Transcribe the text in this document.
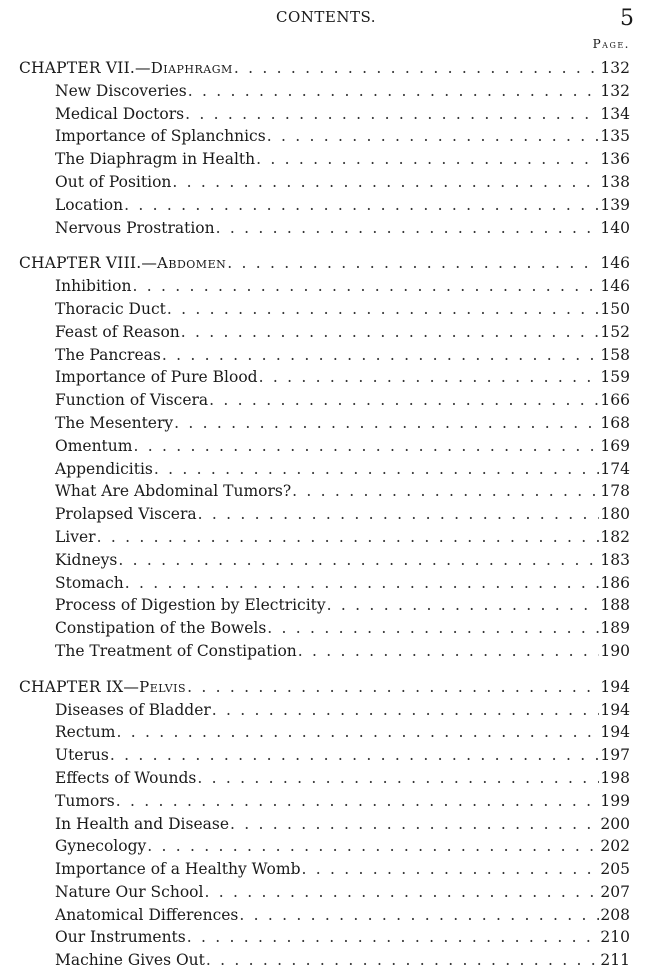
CONTENTS.	5
Page.
CHAPTER VII.— Diaphragm . . .	132
New Discoveries . . .	132
Medical Doctors . . .	134
Importance of Splanchnics . . .	135
The Diaphragm in Health . . .	136
Out of Position . . .	138
Location . . .	139
Nervous Prostration . . .	140
CHAPTER VIII.— Abdomen . . .	146
Inhibition . . .	146
Thoracic Duct . . .	150
Feast of Reason . . .	152
The Pancreas . . .	158
Importance of Pure Blood . . .	159
Function of Viscera . . .	166
The Mesentery . . .	168
Omentum . . .	169
Appendicitis . . .	174
What Are Abdominal Tumors? . . .	178
Prolapsed Viscera . . .	180
Liver . . .	182
Kidneys . . .	183
Stomach . . .	186
Process of Digestion by Electricity . . .	188
Constipation of the Bowels . . .	189
The Treatment of Constipation . . .	190
CHAPTER IX— Pelvis . . .	194
Diseases of Bladder . . .	194
Rectum . . .	194
Uterus . . .	197
Effects of Wounds . . .	198
Tumors . . .	199
In Health and Disease . . .	200
Gynecology . . .	202
Importance of a Healthy Womb . . .	205
Nature Our School . . .	207
Anatomical Differences . . .	208
Our Instruments . . .	210
Machine Gives Out . . .	211
